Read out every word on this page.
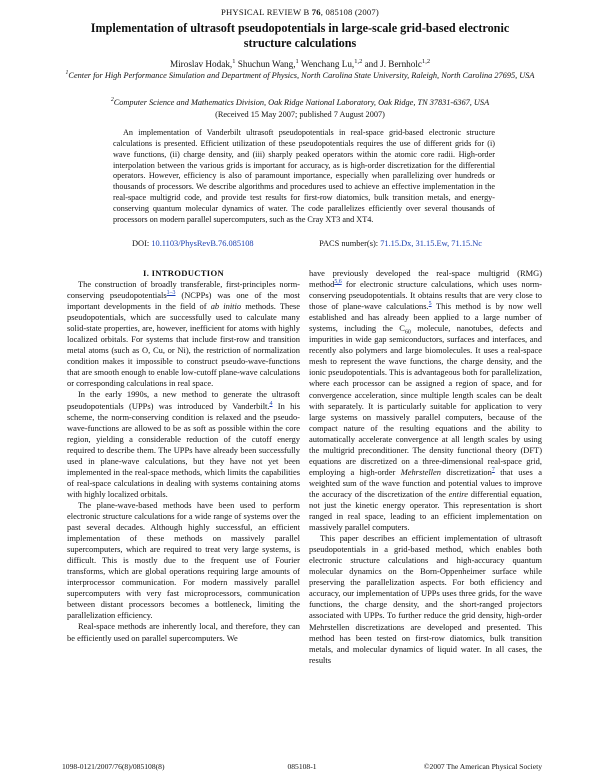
PHYSICAL REVIEW B 76, 085108 (2007)
Implementation of ultrasoft pseudopotentials in large-scale grid-based electronic structure calculations
Miroslav Hodak,$^1$ Shuchun Wang,$^1$ Wenchang Lu,$^{1,2}$ and J. Bernholc$^{1,2}$
$^1$Center for High Performance Simulation and Department of Physics, North Carolina State University, Raleigh, North Carolina 27695, USA
$^2$Computer Science and Mathematics Division, Oak Ridge National Laboratory, Oak Ridge, TN 37831-6367, USA
(Received 15 May 2007; published 7 August 2007)
An implementation of Vanderbilt ultrasoft pseudopotentials in real-space grid-based electronic structure calculations is presented. Efficient utilization of these pseudopotentials requires the use of different grids for (i) wave functions, (ii) charge density, and (iii) sharply peaked operators within the atomic core radii. High-order interpolation between the various grids is important for accuracy, as is high-order discretization for the differential operators. However, efficiency is also of paramount importance, especially when parallelizing over hundreds or thousands of processors. We describe algorithms and procedures used to achieve an effective implementation in the real-space multigrid code, and provide test results for first-row diatomics, bulk transition metals, and energy-conserving quantum molecular dynamics of water. The code parallelizes efficiently over several thousands of processors on modern parallel supercomputers, such as the Cray XT3 and XT4.
DOI: 10.1103/PhysRevB.76.085108	PACS number(s): 71.15.Dx, 31.15.Ew, 71.15.Nc
I. INTRODUCTION

The construction of broadly transferable, first-principles norm-conserving pseudopotentials$^{1-3}$ (NCPPs) was one of the most important developments in the field of ab initio methods. These pseudopotentials, which are successfully used to calculate many solid-state properties, are, however, inefficient for atoms with highly localized orbitals. For systems that include first-row and transition metal atoms (such as O, Cu, or Ni), the restriction of normalization condition makes it impossible to construct pseudo-wave-functions that are smooth enough to enable low-cutoff plane-wave calculations or corresponding calculations in real space.

In the early 1990s, a new method to generate the ultrasoft pseudopotentials (UPPs) was introduced by Vanderbilt.$^4$ In his scheme, the norm-conserving condition is relaxed and the pseudo-wave-functions are allowed to be as soft as possible within the core region, yielding a considerable reduction of the cutoff energy required to describe them. The UPPs have already been successfully used in plane-wave calculations, but they have not yet been implemented in the real-space methods, which limits the capabilities of real-space calculations in dealing with systems containing atoms with highly localized orbitals.

The plane-wave-based methods have been used to perform electronic structure calculations for a wide range of systems over the past several decades. Although highly successful, an efficient implementation of these methods on massively parallel supercomputers, which are required to treat very large systems, is difficult. This is mostly due to the frequent use of Fourier transforms, which are global operations requiring large amounts of interprocessor communication. For modern massively parallel supercomputers with very fast microprocessors, communication between distant processors becomes a bottleneck, limiting the parallelization efficiency.

Real-space methods are inherently local, and therefore, they can be efficiently used on parallel supercomputers. We

have previously developed the real-space multigrid (RMG) method$^{5,6}$ for electronic structure calculations, which uses norm-conserving pseudopotentials. It obtains results that are very close to those of plane-wave calculations.$^5$ This method is by now well established and has already been applied to a large number of systems, including the $C_{60}$ molecule, nanotubes, defects and impurities in wide gap semiconductors, surfaces and interfaces, and recently also polymers and large biomolecules. It uses a real-space mesh to represent the wave functions, the charge density, and the ionic pseudopotentials. This is advantageous both for parallelization, where each processor can be assigned a region of space, and for convergence acceleration, since multiple length scales can be dealt with separately. It is particularly suitable for application to very large systems on massively parallel computers, because of the compact nature of the resulting equations and the ability to automatically accelerate convergence at all length scales by using the multigrid preconditioner. The density functional theory (DFT) equations are discretized on a three-dimensional real-space grid, employing a high-order Mehrstellen discretization$^7$ that uses a weighted sum of the wave function and potential values to improve the accuracy of the discretization of the entire differential equation, not just the kinetic energy operator. This representation is short ranged in real space, leading to an efficient implementation on massively parallel computers.

This paper describes an efficient implementation of ultrasoft pseudopotentials in a grid-based method, which enables both electronic structure calculations and high-accuracy quantum molecular dynamics on the Born-Oppenheimer surface while preserving the parallelization aspects. For both efficiency and accuracy, our implementation of UPPs uses three grids, for the wave functions, the charge density, and the short-ranged projectors associated with UPPs. To further reduce the grid density, high-order Mehrstellen discretizations are developed and presented. This method has been tested on first-row diatomics, bulk transition metals, and molecular dynamics of liquid water. In all cases, the results

1098-0121/2007/76(8)/085108(8)	085108-1	©2007 The American Physical Society
